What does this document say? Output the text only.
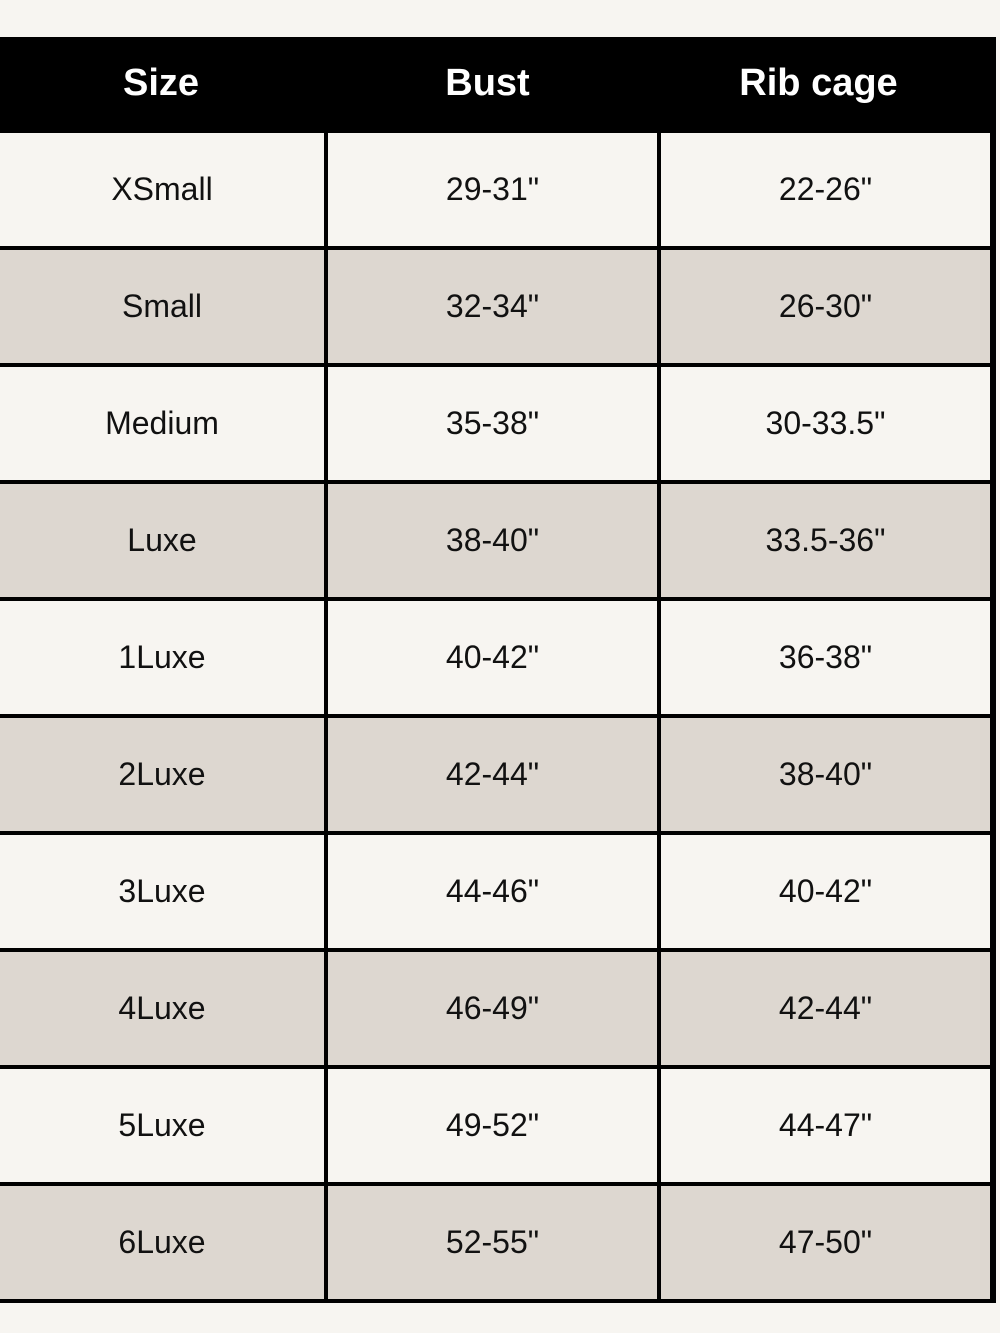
Size	Bust	Rib cage
XSmall	29-31"	22-26"
Small	32-34"	26-30"
Medium	35-38"	30-33.5"
Luxe	38-40"	33.5-36"
1Luxe	40-42"	36-38"
2Luxe	42-44"	38-40"
3Luxe	44-46"	40-42"
4Luxe	46-49"	42-44"
5Luxe	49-52"	44-47"
6Luxe	52-55"	47-50"
